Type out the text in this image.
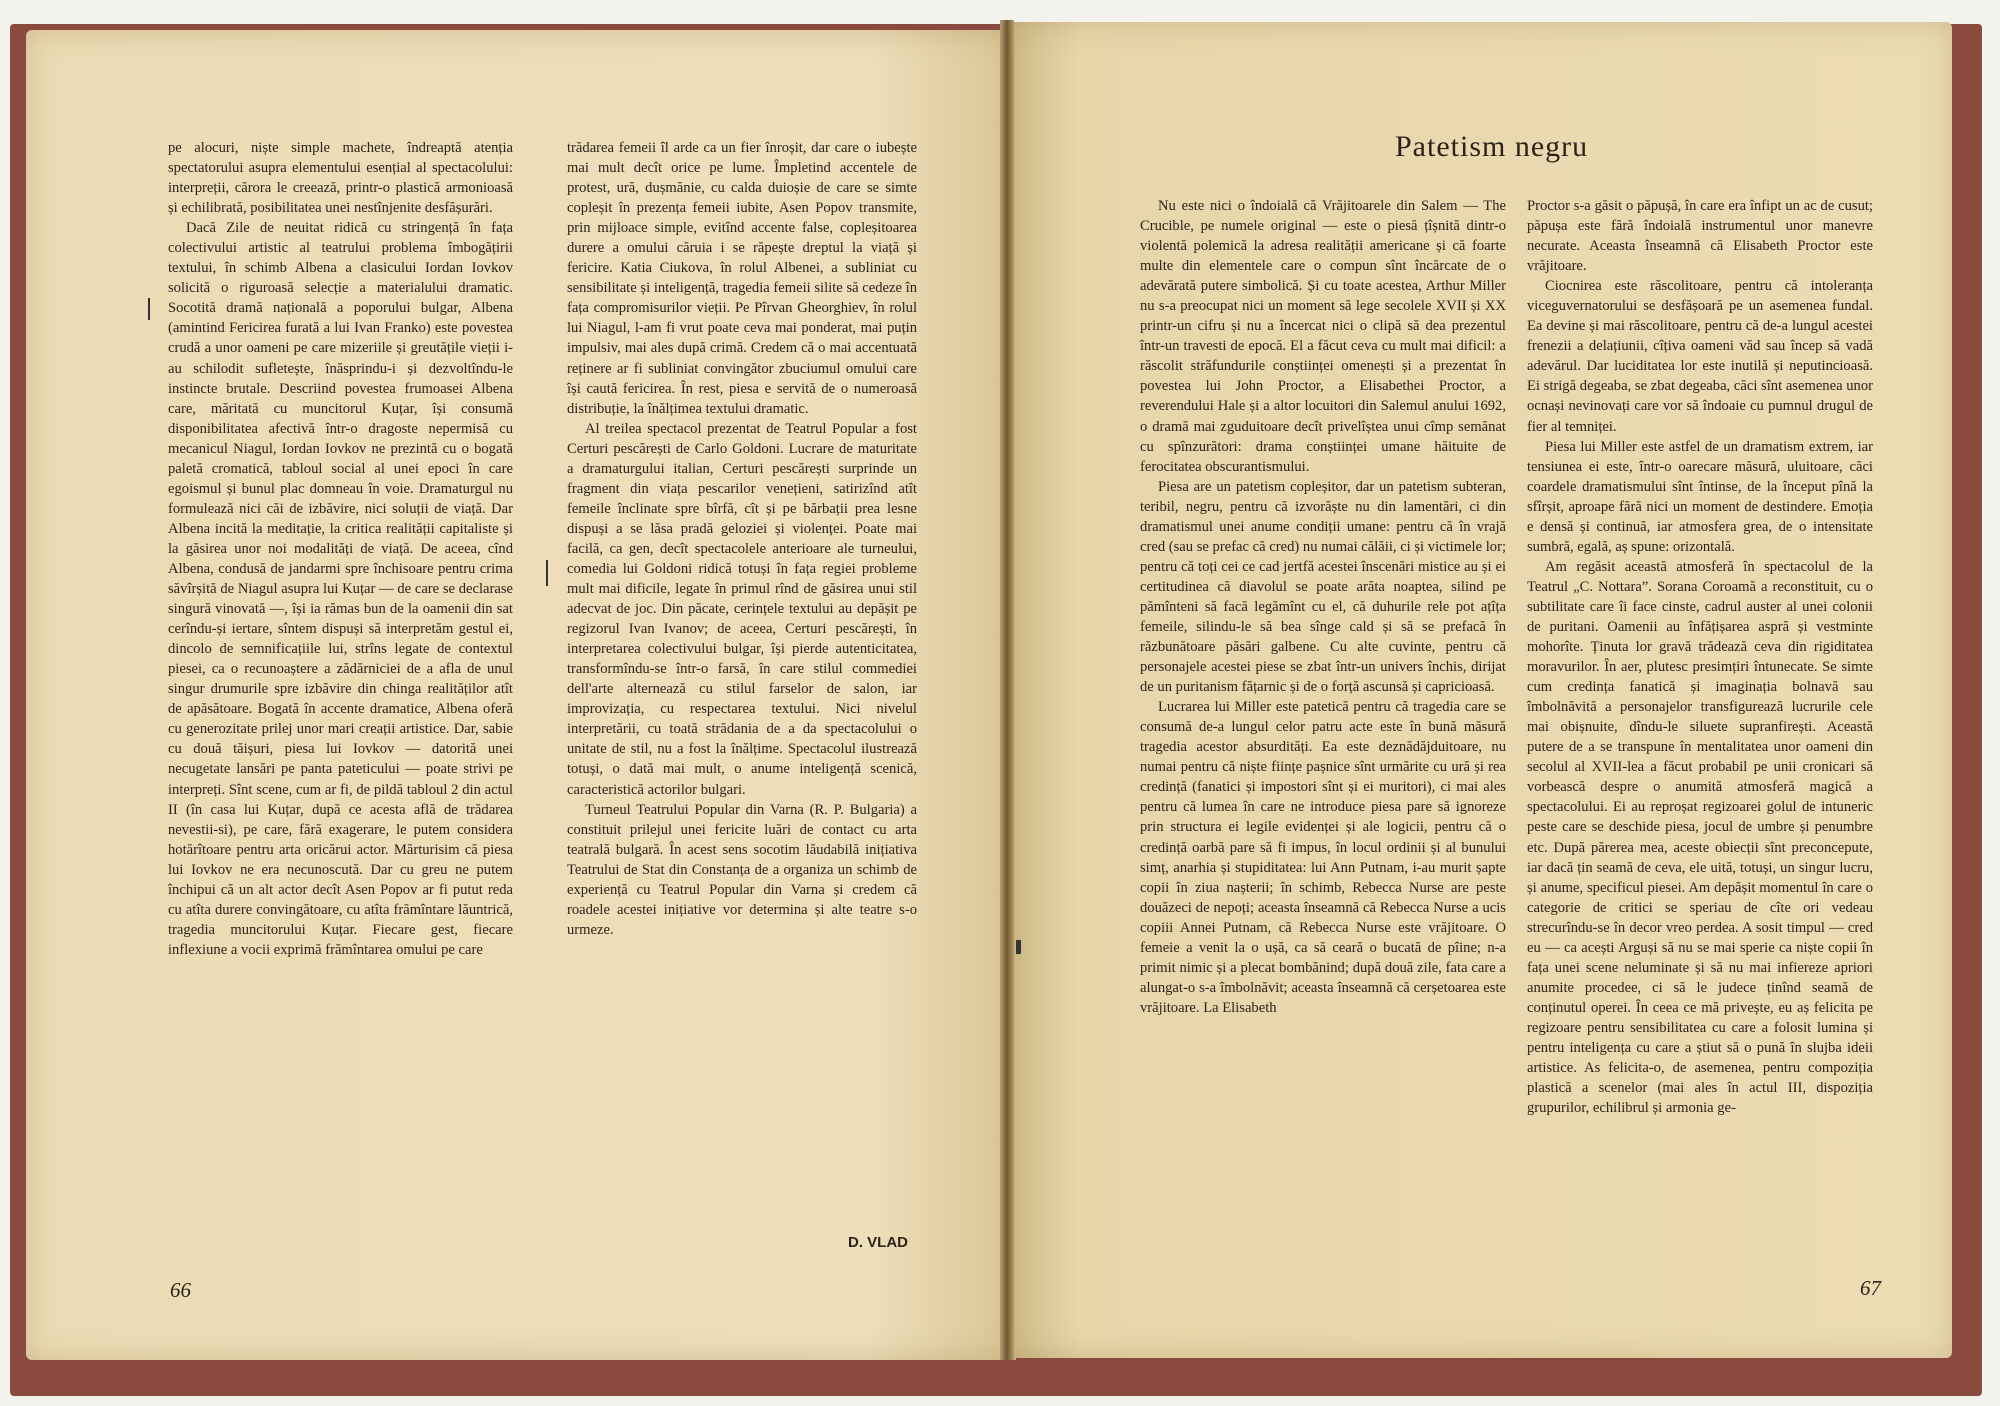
pe alocuri, niște simple machete, îndreaptă atenția spectatorului asupra elementului esențial al spectacolului: interpreții, cărora le creează, printr-o plastică armonioasă și echilibrată, posibilitatea unei nestînjenite desfășurări.

Dacă Zile de neuitat ridică cu stringență în fața colectivului artistic al teatrului problema îmbogățirii textului, în schimb Albena a clasicului Iordan Iovkov solicită o riguroasă selecție a materialului dramatic. Socotită dramă națională a poporului bulgar, Albena (amintind Fericirea furată a lui Ivan Franko) este povestea crudă a unor oameni pe care mizeriile și greutățile vieții i-au schilodit sufletește, înăsprindu-i și dezvoltîndu-le instincte brutale. Descriind povestea frumoasei Albena care, măritată cu muncitorul Kuțar, își consumă disponibilitatea afectivă într-o dragoste nepermisă cu mecanicul Niagul, Iordan Iovkov ne prezintă cu o bogată paletă cromatică, tabloul social al unei epoci în care egoismul și bunul plac domneau în voie. Dramaturgul nu formulează nici căi de izbăvire, nici soluții de viață. Dar Albena incită la meditație, la critica realității capitaliste și la găsirea unor noi modalități de viață. De aceea, cînd Albena, condusă de jandarmi spre închisoare pentru crima săvîrșită de Niagul asupra lui Kuțar — de care se declarase singură vinovată —, își ia rămas bun de la oamenii din sat cerîndu-și iertare, sîntem dispuși să interpretăm gestul ei, dincolo de semnificațiile lui, strîns legate de contextul piesei, ca o recunoaștere a zădărniciei de a afla de unul singur drumurile spre izbăvire din chinga realităților atît de apăsătoare. Bogată în accente dramatice, Albena oferă cu generozitate prilej unor mari creații artistice. Dar, sabie cu două tăișuri, piesa lui Iovkov — datorită unei necugetate lansări pe panta pateticului — poate strivi pe interpreți. Sînt scene, cum ar fi, de pildă tabloul 2 din actul II (în casa lui Kuțar, după ce acesta află de trădarea nevestii-si), pe care, fără exagerare, le putem considera hotărîtoare pentru arta oricărui actor. Mărturisim că piesa lui Iovkov ne era necunoscută. Dar cu greu ne putem închipui că un alt actor decît Asen Popov ar fi putut reda cu atîta durere convingătoare, cu atîta frămîntare lăuntrică, tragedia muncitorului Kuțar. Fiecare gest, fiecare inflexiune a vocii exprimă frămîntarea omului pe care

trădarea femeii îl arde ca un fier înroșit, dar care o iubește mai mult decît orice pe lume. Împletind accentele de protest, ură, dușmănie, cu calda duioșie de care se simte copleșit în prezența femeii iubite, Asen Popov transmite, prin mijloace simple, evitînd accente false, copleșitoarea durere a omului căruia i se răpește dreptul la viață și fericire. Katia Ciukova, în rolul Albenei, a subliniat cu sensibilitate și inteligență, tragedia femeii silite să cedeze în fața compromisurilor vieții. Pe Pîrvan Gheorghiev, în rolul lui Niagul, l-am fi vrut poate ceva mai ponderat, mai puțin impulsiv, mai ales după crimă. Credem că o mai accentuată reținere ar fi subliniat convingător zbuciumul omului care își caută fericirea. În rest, piesa e servită de o numeroasă distribuție, la înălțimea textului dramatic.

Al treilea spectacol prezentat de Teatrul Popular a fost Certuri pescărești de Carlo Goldoni. Lucrare de maturitate a dramaturgului italian, Certuri pescărești surprinde un fragment din viața pescarilor venețieni, satirizînd atît femeile înclinate spre bîrfă, cît și pe bărbații prea lesne dispuși a se lăsa pradă geloziei și violenței. Poate mai facilă, ca gen, decît spectacolele anterioare ale turneului, comedia lui Goldoni ridică totuși în fața regiei probleme mult mai dificile, legate în primul rînd de găsirea unui stil adecvat de joc. Din păcate, cerințele textului au depășit pe regizorul Ivan Ivanov; de aceea, Certuri pescărești, în interpretarea colectivului bulgar, își pierde autenticitatea, transformîndu-se într-o farsă, în care stilul commediei dell'arte alternează cu stilul farselor de salon, iar improvizația, cu respectarea textului. Nici nivelul interpretării, cu toată strădania de a da spectacolului o unitate de stil, nu a fost la înălțime. Spectacolul ilustrează totuși, o dată mai mult, o anume inteligență scenică, caracteristică actorilor bulgari.

Turneul Teatrului Popular din Varna (R. P. Bulgaria) a constituit prilejul unei fericite luări de contact cu arta teatrală bulgară. În acest sens socotim lăudabilă inițiativa Teatrului de Stat din Constanța de a organiza un schimb de experiență cu Teatrul Popular din Varna și credem că roadele acestei inițiative vor determina și alte teatre s-o urmeze.

D. VLAD
66
Patetism negru

Nu este nici o îndoială că Vrăjitoarele din Salem — The Crucible, pe numele original — este o piesă țîșnită dintr-o violentă polemică la adresa realității americane și că foarte multe din elementele care o compun sînt încărcate de o adevărată putere simbolică. Și cu toate acestea, Arthur Miller nu s-a preocupat nici un moment să lege secolele XVII și XX printr-un cifru și nu a încercat nici o clipă să dea prezentul într-un travesti de epocă. El a făcut ceva cu mult mai dificil: a răscolit străfundurile conștiinței omenești și a prezentat în povestea lui John Proctor, a Elisabethei Proctor, a reverendului Hale și a altor locuitori din Salemul anului 1692, o dramă mai zguduitoare decît privelîștea unui cîmp semănat cu spînzurători: drama conștiinței umane hăituite de ferocitatea obscurantismului.

Piesa are un patetism copleșitor, dar un patetism subteran, teribil, negru, pentru că izvorăște nu din lamentări, ci din dramatismul unei anume condiții umane: pentru că în vrajă cred (sau se prefac că cred) nu numai călăii, ci și victimele lor; pentru că toți cei ce cad jertfă acestei înscenări mistice au și ei certitudinea că diavolul se poate arăta noaptea, silind pe pămînteni să facă legămînt cu el, că duhurile rele pot ațîța femeile, silindu-le să bea sînge cald și să se prefacă în răzbunătoare păsări galbene. Cu alte cuvinte, pentru că personajele acestei piese se zbat într-un univers închis, dirijat de un puritanism fățarnic și de o forță ascunsă și capricioasă.

Lucrarea lui Miller este patetică pentru că tragedia care se consumă de-a lungul celor patru acte este în bună măsură tragedia acestor absurdități. Ea este deznădăjduitoare, nu numai pentru că niște ființe pașnice sînt urmărite cu ură și rea credință (fanatici și impostori sînt și ei muritori), ci mai ales pentru că lumea în care ne introduce piesa pare să ignoreze prin structura ei legile evidenței și ale logicii, pentru că o credință oarbă pare să fi impus, în locul ordinii și al bunului simț, anarhia și stupiditatea: lui Ann Putnam, i-au murit șapte copii în ziua nașterii; în schimb, Rebecca Nurse are peste douăzeci de nepoți; aceasta înseamnă că Rebecca Nurse a ucis copiii Annei Putnam, că Rebecca Nurse este vrăjitoare. O femeie a venit la o ușă, ca să ceară o bucată de pîine; n-a primit nimic și a plecat bombănind; după două zile, fata care a alungat-o s-a îmbolnăvit; aceasta înseamnă că cerșetoarea este vrăjitoare. La Elisabeth

Proctor s-a găsit o păpușă, în care era înfipt un ac de cusut; păpușa este fără îndoială instrumentul unor manevre necurate. Aceasta înseamnă că Elisabeth Proctor este vrăjitoare.

Ciocnirea este răscolitoare, pentru că intoleranța viceguvernatorului se desfășoară pe un asemenea fundal. Ea devine și mai răscolitoare, pentru că de-a lungul acestei frenezii a delațiunii, cîțiva oameni văd sau încep să vadă adevărul. Dar luciditatea lor este inutilă și neputincioasă. Ei strigă degeaba, se zbat degeaba, căci sînt asemenea unor ocnași nevinovați care vor să îndoaie cu pumnul drugul de fier al temniței.

Piesa lui Miller este astfel de un dramatism extrem, iar tensiunea ei este, într-o oarecare măsură, uluitoare, căci coardele dramatismului sînt întinse, de la început pînă la sfîrșit, aproape fără nici un moment de destindere. Emoția e densă și continuă, iar atmosfera grea, de o intensitate sumbră, egală, aș spune: orizontală.

Am regăsit această atmosferă în spectacolul de la Teatrul „C. Nottara”. Sorana Coroamă a reconstituit, cu o subtilitate care îi face cinste, cadrul auster al unei colonii de puritani. Oamenii au înfățișarea aspră și vestminte mohorîte. Ținuta lor gravă trădează ceva din rigiditatea moravurilor. În aer, plutesc presimțiri întunecate. Se simte cum credința fanatică și imaginația bolnavă sau îmbolnăvită a personajelor transfigurează lucrurile cele mai obișnuite, dîndu-le siluete supranfirești. Această putere de a se transpune în mentalitatea unor oameni din secolul al XVII-lea a făcut probabil pe unii cronicari să vorbească despre o anumită atmosferă magică a spectacolului. Ei au reproșat regizoarei golul de intuneric peste care se deschide piesa, jocul de umbre și penumbre etc. După părerea mea, aceste obiecții sînt preconcepute, iar dacă țin seamă de ceva, ele uită, totuși, un singur lucru, și anume, specificul piesei. Am depășit momentul în care o categorie de critici se speriau de cîte ori vedeau strecurîndu-se în decor vreo perdea. A sosit timpul — cred eu — ca acești Arguși să nu se mai sperie ca niște copii în fața unei scene neluminate și să nu mai infiereze apriori anumite procedee, ci să le judece ținînd seamă de conținutul operei. În ceea ce mă privește, eu aș felicita pe regizoare pentru sensibilitatea cu care a folosit lumina și pentru inteligența cu care a știut să o pună în slujba ideii artistice. As felicita-o, de asemenea, pentru compoziția plastică a scenelor (mai ales în actul III, dispoziția grupurilor, echilibrul și armonia ge-

67
